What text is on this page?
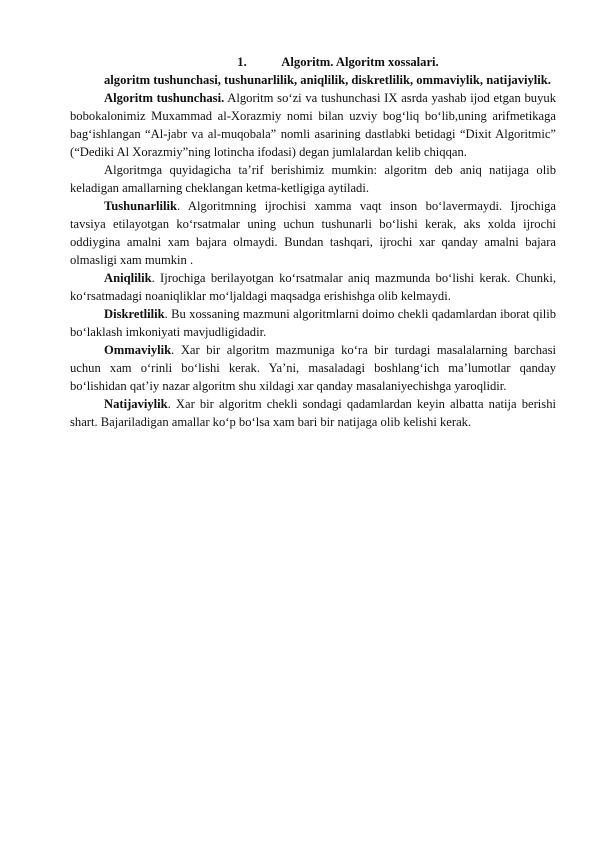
1.	Algoritm. Algoritm xossalari.

algoritm tushunchasi, tushunarlilik, aniqlilik, diskretlilik, ommaviylik, natijaviylik.

Algoritm tushunchasi. Algoritm so‘zi va tushunchasi IX asrda yashab ijod etgan buyuk bobokalonimiz Muxammad al-Xorazmiy nomi bilan uzviy bog‘liq bo‘lib,uning arifmetikaga bag‘ishlangan “Al-jabr va al-muqobala” nomli asarining dastlabki betidagi “Dixit Algoritmic” (“Dediki Al Xorazmiy”ning lotincha ifodasi) degan jumlalardan kelib chiqqan.

Algoritmga quyidagicha ta’rif berishimiz mumkin: algoritm deb aniq natijaga olib keladigan amallarning cheklangan ketma-ketligiga aytiladi.

Tushunarlilik. Algoritmning ijrochisi xamma vaqt inson bo‘lavermaydi. Ijrochiga tavsiya etilayotgan ko‘rsatmalar uning uchun tushunarli bo‘lishi kerak, aks xolda ijrochi oddiygina amalni xam bajara olmaydi. Bundan tashqari, ijrochi xar qanday amalni bajara olmasligi xam mumkin .

Aniqlilik. Ijrochiga berilayotgan ko‘rsatmalar aniq mazmunda bo‘lishi kerak. Chunki, ko‘rsatmadagi noaniqliklar mo‘ljaldagi maqsadga erishishga olib kelmaydi.

Diskretlilik. Bu xossaning mazmuni algoritmlarni doimo chekli qadamlardan iborat qilib bo‘laklash imkoniyati mavjudligidadir.

Ommaviylik. Xar bir algoritm mazmuniga ko‘ra bir turdagi masalalarning barchasi uchun xam o‘rinli bo‘lishi kerak. Ya’ni, masaladagi boshlang‘ich ma’lumotlar qanday bo‘lishidan qat’iy nazar algoritm shu xildagi xar qanday masalaniyechishga yaroqlidir.

Natijaviylik. Xar bir algoritm chekli sondagi qadamlardan keyin albatta natija berishi shart. Bajariladigan amallar ko‘p bo‘lsa xam bari bir natijaga olib kelishi kerak.
